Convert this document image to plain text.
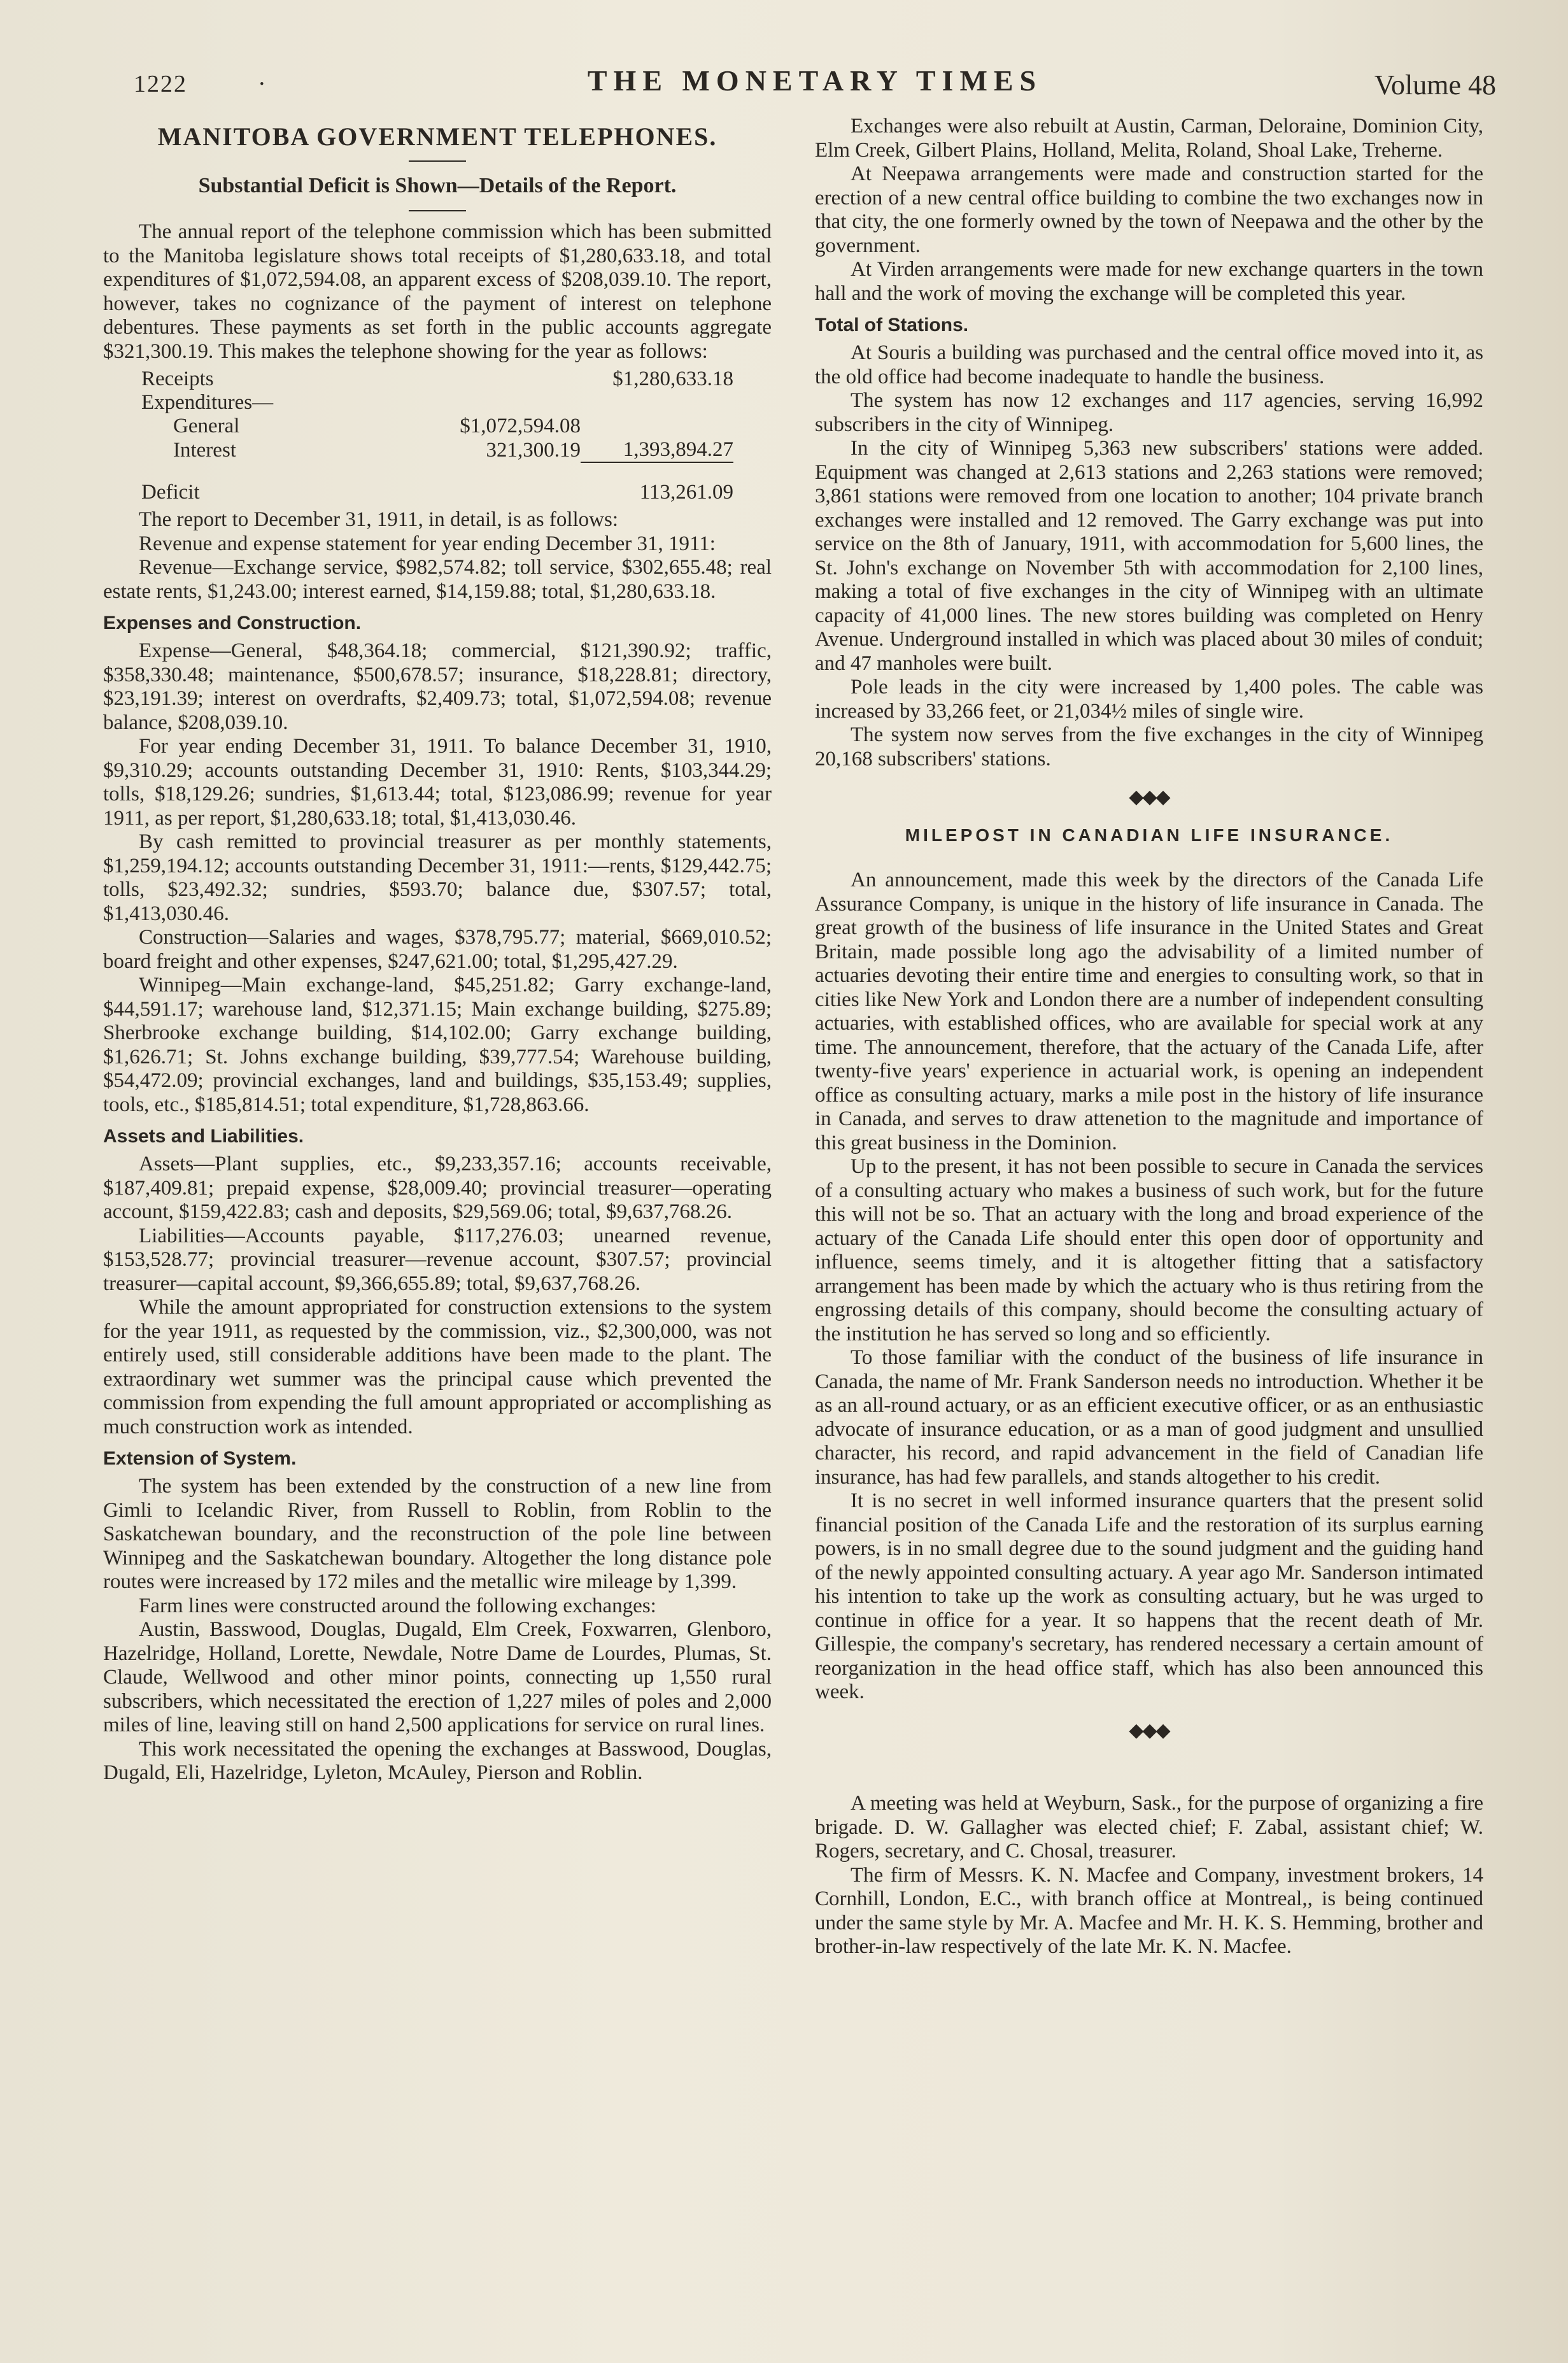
1222	·	THE MONETARY TIMES	Volume 48
MANITOBA GOVERNMENT TELEPHONES.
Substantial Deficit is Shown—Details of the Report.

The annual report of the telephone commission which has been submitted to the Manitoba legislature shows total receipts of $1,280,633.18, and total expenditures of $1,072,594.08, an apparent excess of $208,039.10. The report, however, takes no cognizance of the payment of interest on telephone debentures. These payments as set forth in the public accounts aggregate $321,300.19. This makes the telephone showing for the year as follows:

Receipts		$1,280,633.18
Expenditures—		
General	$1,072,594.08	
Interest	321,300.19	1,393,894.27

Deficit		113,261.09

The report to December 31, 1911, in detail, is as follows:

Revenue and expense statement for year ending December 31, 1911:

Revenue—Exchange service, $982,574.82; toll service, $302,655.48; real estate rents, $1,243.00; interest earned, $14,159.88; total, $1,280,633.18.

Expenses and Construction.

Expense—General, $48,364.18; commercial, $121,390.92; traffic, $358,330.48; maintenance, $500,678.57; insurance, $18,228.81; directory, $23,191.39; interest on overdrafts, $2,409.73; total, $1,072,594.08; revenue balance, $208,039.10.

For year ending December 31, 1911. To balance December 31, 1910, $9,310.29; accounts outstanding December 31, 1910: Rents, $103,344.29; tolls, $18,129.26; sundries, $1,613.44; total, $123,086.99; revenue for year 1911, as per report, $1,280,633.18; total, $1,413,030.46.

By cash remitted to provincial treasurer as per monthly statements, $1,259,194.12; accounts outstanding December 31, 1911:—rents, $129,442.75; tolls, $23,492.32; sundries, $593.70; balance due, $307.57; total, $1,413,030.46.

Construction—Salaries and wages, $378,795.77; material, $669,010.52; board freight and other expenses, $247,621.00; total, $1,295,427.29.

Winnipeg—Main exchange-land, $45,251.82; Garry exchange-land, $44,591.17; warehouse land, $12,371.15; Main exchange building, $275.89; Sherbrooke exchange building, $14,102.00; Garry exchange building, $1,626.71; St. Johns exchange building, $39,777.54; Warehouse building, $54,472.09; provincial exchanges, land and buildings, $35,153.49; supplies, tools, etc., $185,814.51; total expenditure, $1,728,863.66.

Assets and Liabilities.

Assets—Plant supplies, etc., $9,233,357.16; accounts receivable, $187,409.81; prepaid expense, $28,009.40; provincial treasurer—operating account, $159,422.83; cash and deposits, $29,569.06; total, $9,637,768.26.

Liabilities—Accounts payable, $117,276.03; unearned revenue, $153,528.77; provincial treasurer—revenue account, $307.57; provincial treasurer—capital account, $9,366,655.89; total, $9,637,768.26.

While the amount appropriated for construction extensions to the system for the year 1911, as requested by the commission, viz., $2,300,000, was not entirely used, still considerable additions have been made to the plant. The extraordinary wet summer was the principal cause which prevented the commission from expending the full amount appropriated or accomplishing as much construction work as intended.

Extension of System.

The system has been extended by the construction of a new line from Gimli to Icelandic River, from Russell to Roblin, from Roblin to the Saskatchewan boundary, and the reconstruction of the pole line between Winnipeg and the Saskatchewan boundary. Altogether the long distance pole routes were increased by 172 miles and the metallic wire mileage by 1,399.

Farm lines were constructed around the following exchanges:

Austin, Basswood, Douglas, Dugald, Elm Creek, Foxwarren, Glenboro, Hazelridge, Holland, Lorette, Newdale, Notre Dame de Lourdes, Plumas, St. Claude, Wellwood and other minor points, connecting up 1,550 rural subscribers, which necessitated the erection of 1,227 miles of poles and 2,000 miles of line, leaving still on hand 2,500 applications for service on rural lines.

This work necessitated the opening the exchanges at Basswood, Douglas, Dugald, Eli, Hazelridge, Lyleton, McAuley, Pierson and Roblin.

Exchanges were also rebuilt at Austin, Carman, Deloraine, Dominion City, Elm Creek, Gilbert Plains, Holland, Melita, Roland, Shoal Lake, Treherne.

At Neepawa arrangements were made and construction started for the erection of a new central office building to combine the two exchanges now in that city, the one formerly owned by the town of Neepawa and the other by the government.

At Virden arrangements were made for new exchange quarters in the town hall and the work of moving the exchange will be completed this year.

Total of Stations.

At Souris a building was purchased and the central office moved into it, as the old office had become inadequate to handle the business.

The system has now 12 exchanges and 117 agencies, serving 16,992 subscribers in the city of Winnipeg.

In the city of Winnipeg 5,363 new subscribers' stations were added. Equipment was changed at 2,613 stations and 2,263 stations were removed; 3,861 stations were removed from one location to another; 104 private branch exchanges were installed and 12 removed. The Garry exchange was put into service on the 8th of January, 1911, with accommodation for 5,600 lines, the St. John's exchange on November 5th with accommodation for 2,100 lines, making a total of five exchanges in the city of Winnipeg with an ultimate capacity of 41,000 lines. The new stores building was completed on Henry Avenue. Underground installed in which was placed about 30 miles of conduit; and 47 manholes were built.

Pole leads in the city were increased by 1,400 poles. The cable was increased by 33,266 feet, or 21,034½ miles of single wire.

The system now serves from the five exchanges in the city of Winnipeg 20,168 subscribers' stations.

◆◆◆
MILEPOST IN CANADIAN LIFE INSURANCE.

An announcement, made this week by the directors of the Canada Life Assurance Company, is unique in the history of life insurance in Canada. The great growth of the business of life insurance in the United States and Great Britain, made possible long ago the advisability of a limited number of actuaries devoting their entire time and energies to consulting work, so that in cities like New York and London there are a number of independent consulting actuaries, with established offices, who are available for special work at any time. The announcement, therefore, that the actuary of the Canada Life, after twenty-five years' experience in actuarial work, is opening an independent office as consulting actuary, marks a mile post in the history of life insurance in Canada, and serves to draw attenetion to the magnitude and importance of this great business in the Dominion.

Up to the present, it has not been possible to secure in Canada the services of a consulting actuary who makes a business of such work, but for the future this will not be so. That an actuary with the long and broad experience of the actuary of the Canada Life should enter this open door of opportunity and influence, seems timely, and it is altogether fitting that a satisfactory arrangement has been made by which the actuary who is thus retiring from the engrossing details of this company, should become the consulting actuary of the institution he has served so long and so efficiently.

To those familiar with the conduct of the business of life insurance in Canada, the name of Mr. Frank Sanderson needs no introduction. Whether it be as an all-round actuary, or as an efficient executive officer, or as an enthusiastic advocate of insurance education, or as a man of good judgment and unsullied character, his record, and rapid advancement in the field of Canadian life insurance, has had few parallels, and stands altogether to his credit.

It is no secret in well informed insurance quarters that the present solid financial position of the Canada Life and the restoration of its surplus earning powers, is in no small degree due to the sound judgment and the guiding hand of the newly appointed consulting actuary. A year ago Mr. Sanderson intimated his intention to take up the work as consulting actuary, but he was urged to continue in office for a year. It so happens that the recent death of Mr. Gillespie, the company's secretary, has rendered necessary a certain amount of reorganization in the head office staff, which has also been announced this week.

◆◆◆

A meeting was held at Weyburn, Sask., for the purpose of organizing a fire brigade. D. W. Gallagher was elected chief; F. Zabal, assistant chief; W. Rogers, secretary, and C. Chosal, treasurer.

The firm of Messrs. K. N. Macfee and Company, investment brokers, 14 Cornhill, London, E.C., with branch office at Montreal,, is being continued under the same style by Mr. A. Macfee and Mr. H. K. S. Hemming, brother and brother-in-law respectively of the late Mr. K. N. Macfee.
